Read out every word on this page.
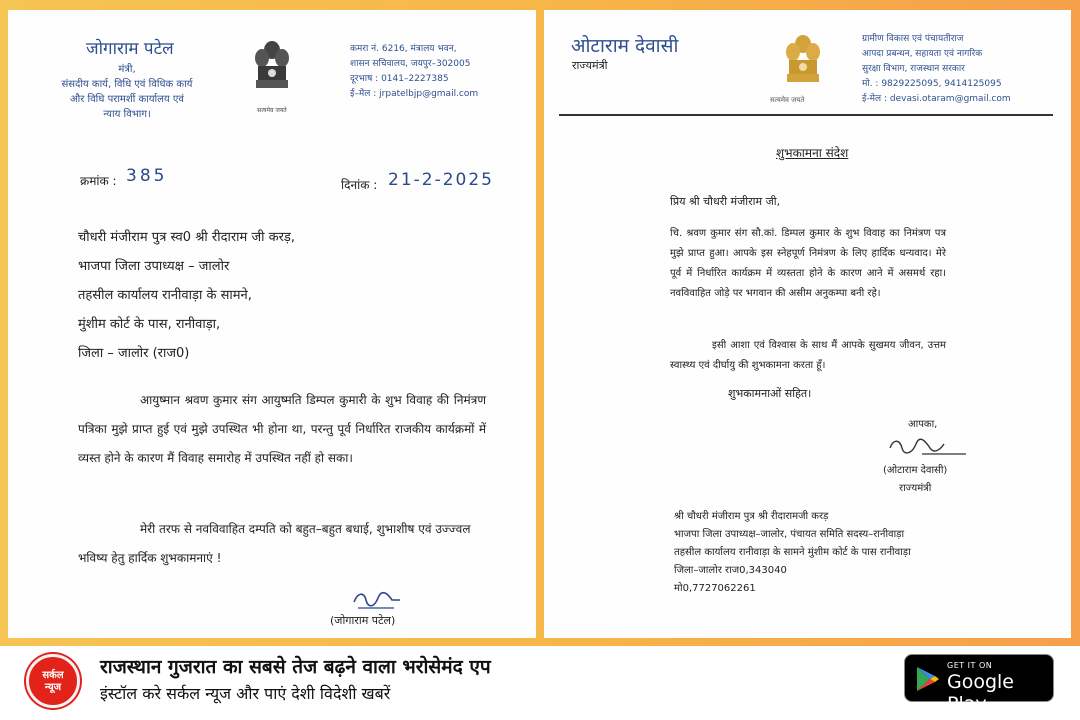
जोगाराम पटेल
मंत्री,
संसदीय कार्य, विधि एवं विधिक कार्य
और विधि परामर्शी कार्यालय एवं
न्याय विभाग।	सत्यमेव जयते
कमरा नं. 6216, मंत्रालय भवन,
शासन सचिवालय, जयपुर–302005
दूरभाष : 0141–2227385
ई–मेल : jrpatelbjp@gmail.com
क्रमांक : 385	दिनांक : 21-2-2025
चौधरी मंजीराम पुत्र स्व0 श्री रीदाराम जी करड़,
भाजपा जिला उपाध्यक्ष – जालोर
तहसील कार्यालय रानीवाड़ा के सामने,
मुंशीम कोर्ट के पास, रानीवाड़ा,
जिला – जालोर (राज0)
आयुष्मान श्रवण कुमार संग आयुष्मति डिम्पल कुमारी के शुभ विवाह की निमंत्रण पत्रिका मुझे प्राप्त हुई एवं मुझे उपस्थित भी होना था, परन्तु पूर्व निर्धारित राजकीय कार्यक्रमों में व्यस्त होने के कारण मैं विवाह समारोह में उपस्थित नहीं हो सका।
मेरी तरफ से नवविवाहित दम्पति को बहुत–बहुत बधाई, शुभाशीष एवं उज्ज्वल भविष्य हेतु हार्दिक शुभकामनाएं !
(जोगाराम पटेल)
ओटाराम देवासी
राज्यमंत्री
सत्यमेव जयते
ग्रामीण विकास एवं पंचायतीराज
आपदा प्रबन्धन, सहायता एवं नागरिक
सुरक्षा विभाग, राजस्थान सरकार
मो. : 9829225095, 9414125095
ई-मेल : devasi.otaram@gmail.com
शुभकामना संदेश
प्रिय श्री चौधरी मंजीराम जी,
चि. श्रवण कुमार संग सौ.कां. डिम्पल कुमार के शुभ विवाह का निमंत्रण पत्र मुझे प्राप्त हुआ। आपके इस स्नेहपूर्ण निमंत्रण के लिए हार्दिक धन्यवाद। मेरे पूर्व में निर्धारित कार्यक्रम में व्यस्तता होने के कारण आने में असमर्थ रहा। नवविवाहित जोड़े पर भगवान की असीम अनुकम्पा बनी रहे।
इसी आशा एवं विश्वास के साथ मैं आपके सुखमय जीवन, उत्तम स्वास्थ्य एवं दीर्घायु की शुभकामना करता हूँ।
शुभकामनाओं सहित।
आपका,
(ओटाराम देवासी)
राज्यमंत्री
श्री चौधरी मंजीराम पुत्र श्री रीदारामजी करड़
भाजपा जिला उपाध्यक्ष–जालोर, पंचायत समिति सदस्य–रानीवाड़ा
तहसील कार्यालय रानीवाड़ा के सामने मुंशीम कोर्ट के पास रानीवाड़ा
जिला–जालोर राज0,343040
मो0,7727062261
सर्कल
न्यूज
राजस्थान गुजरात का सबसे तेज बढ़ने वाला भरोसेमंद एप
इंस्टॉल करे सर्कल न्यूज और पाएं देशी विदेशी खबरें
GET IT ON
Google Play
